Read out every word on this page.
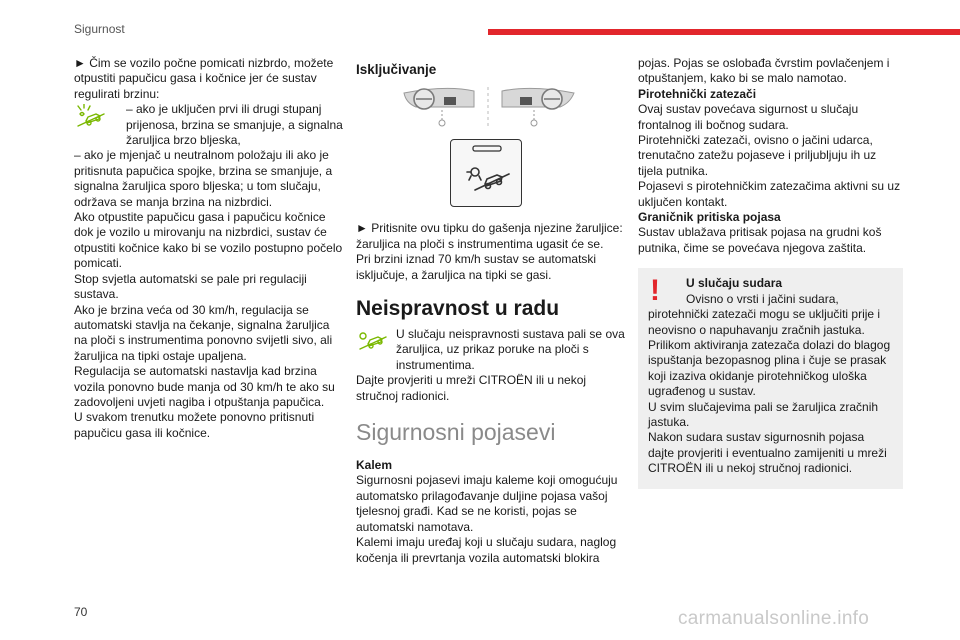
Sigurnost

► Čim se vozilo počne pomicati nizbrdo, možete otpustiti papučicu gasa i kočnice jer će sustav regulirati brzinu:

– ako je uključen prvi ili drugi stupanj prijenosa, brzina se smanjuje, a signalna žaruljica brzo bljeska,

– ako je mjenjač u neutralnom položaju ili ako je pritisnuta papučica spojke, brzina se smanjuje, a signalna žaruljica sporo bljeska; u tom slučaju, održava se manja brzina na nizbrdici.

Ako otpustite papučicu gasa i papučicu kočnice dok je vozilo u mirovanju na nizbrdici, sustav će otpustiti kočnice kako bi se vozilo postupno počelo pomicati.

Stop svjetla automatski se pale pri regulaciji sustava.

Ako je brzina veća od 30 km/h, regulacija se automatski stavlja na čekanje, signalna žaruljica na ploči s instrumentima ponovno svijetli sivo, ali žaruljica na tipki ostaje upaljena.

Regulacija se automatski nastavlja kad brzina vozila ponovno bude manja od 30 km/h te ako su zadovoljeni uvjeti nagiba i otpuštanja papučica.

U svakom trenutku možete ponovno pritisnuti papučicu gasa ili kočnice.

Isključivanje

► Pritisnite ovu tipku do gašenja njezine žaruljice: žaruljica na ploči s instrumentima ugasit će se.

Pri brzini iznad 70 km/h sustav se automatski isključuje, a žaruljica na tipki se gasi.

Neispravnost u radu

U slučaju neispravnosti sustava pali se ova žaruljica, uz prikaz poruke na ploči s instrumentima.

Dajte provjeriti u mreži CITROËN ili u nekoj stručnoj radionici.

Sigurnosni pojasevi

Kalem

Sigurnosni pojasevi imaju kaleme koji omogućuju automatsko prilagođavanje duljine pojasa vašoj tjelesnoj građi. Kad se ne koristi, pojas se automatski namotava.

Kalemi imaju uređaj koji u slučaju sudara, naglog kočenja ili prevrtanja vozila automatski blokira

pojas. Pojas se oslobađa čvrstim povlačenjem i otpuštanjem, kako bi se malo namotao.

Pirotehnički zatezači

Ovaj sustav povećava sigurnost u slučaju frontalnog ili bočnog sudara.

Pirotehnički zatezači, ovisno o jačini udarca, trenutačno zatežu pojaseve i priljubljuju ih uz tijela putnika.

Pojasevi s pirotehničkim zatezačima aktivni su uz uključen kontakt.

Graničnik pritiska pojasa

Sustav ublažava pritisak pojasa na grudni koš putnika, čime se povećava njegova zaštita.

!	U slučaju sudara

Ovisno o vrsti i jačini sudara, pirotehnički zatezači mogu se uključiti prije i neovisno o napuhavanju zračnih jastuka. Prilikom aktiviranja zatezača dolazi do blagog ispuštanja bezopasnog plina i čuje se prasak koji izaziva okidanje pirotehničkog uloška ugrađenog u sustav.

U svim slučajevima pali se žaruljica zračnih jastuka.

Nakon sudara sustav sigurnosnih pojasa dajte provjeriti i eventualno zamijeniti u mreži CITROËN ili u nekoj stručnoj radionici.

70	carmanualsonline.info
